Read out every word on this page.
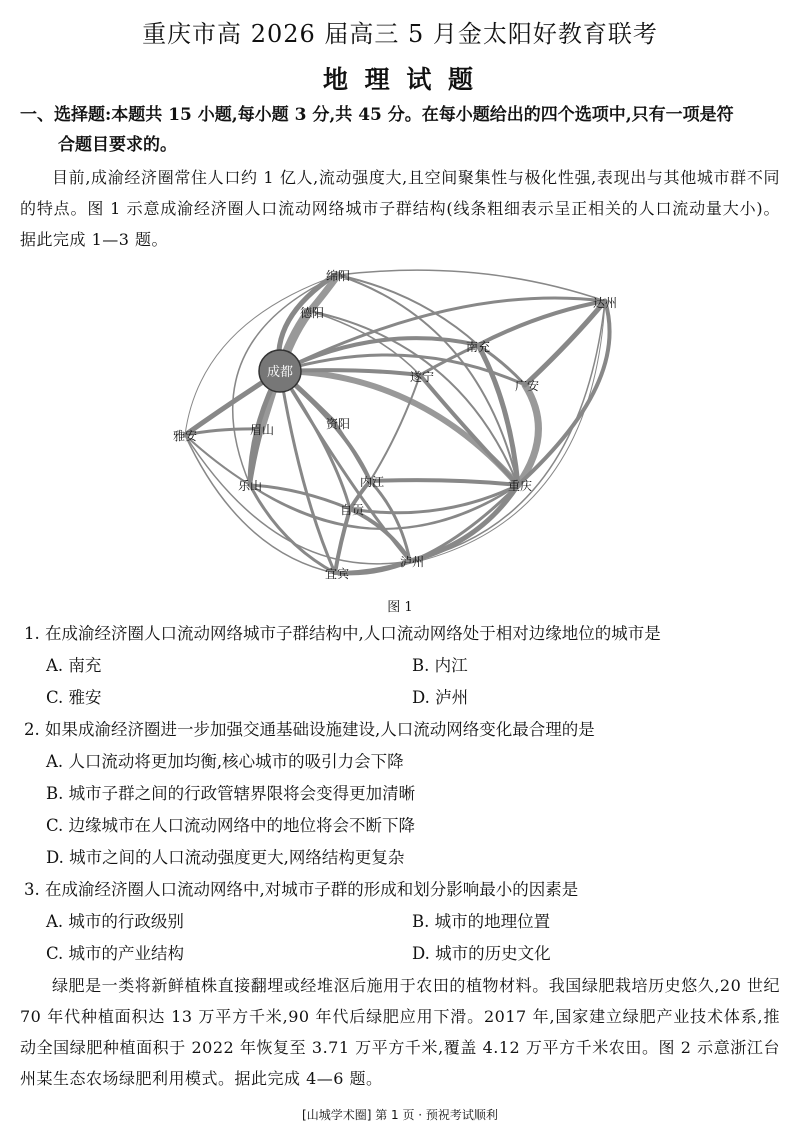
重庆市高 2026 届高三 5 月金太阳好教育联考
地 理 试 题
一、选择题:本题共 15 小题,每小题 3 分,共 45 分。在每小题给出的四个选项中,只有一项是符
合题目要求的。
目前,成渝经济圈常住人口约 1 亿人,流动强度大,且空间聚集性与极化性强,表现出与其他城市群不同的特点。图 1 示意成渝经济圈人口流动网络城市子群结构(线条粗细表示呈正相关的人口流动量大小)。据此完成 1—3 题。
绵阳
德阳
达州
南充
成都	遂宁
广安
雅安	眉山	资阳
乐山	内江	重庆
自贡
泸州
宜宾
图 1
1. 在成渝经济圈人口流动网络城市子群结构中,人口流动网络处于相对边缘地位的城市是
A. 南充	B. 内江
C. 雅安	D. 泸州
2. 如果成渝经济圈进一步加强交通基础设施建设,人口流动网络变化最合理的是
A. 人口流动将更加均衡,核心城市的吸引力会下降
B. 城市子群之间的行政管辖界限将会变得更加清晰
C. 边缘城市在人口流动网络中的地位将会不断下降
D. 城市之间的人口流动强度更大,网络结构更复杂
3. 在成渝经济圈人口流动网络中,对城市子群的形成和划分影响最小的因素是
A. 城市的行政级别	B. 城市的地理位置
C. 城市的产业结构	D. 城市的历史文化
绿肥是一类将新鲜植株直接翻埋或经堆沤后施用于农田的植物材料。我国绿肥栽培历史悠久,20 世纪 70 年代种植面积达 13 万平方千米,90 年代后绿肥应用下滑。2017 年,国家建立绿肥产业技术体系,推动全国绿肥种植面积于 2022 年恢复至 3.71 万平方千米,覆盖 4.12 万平方千米农田。图 2 示意浙江台州某生态农场绿肥利用模式。据此完成 4—6 题。
[山城学术圈] 第 1 页 · 预祝考试顺利
